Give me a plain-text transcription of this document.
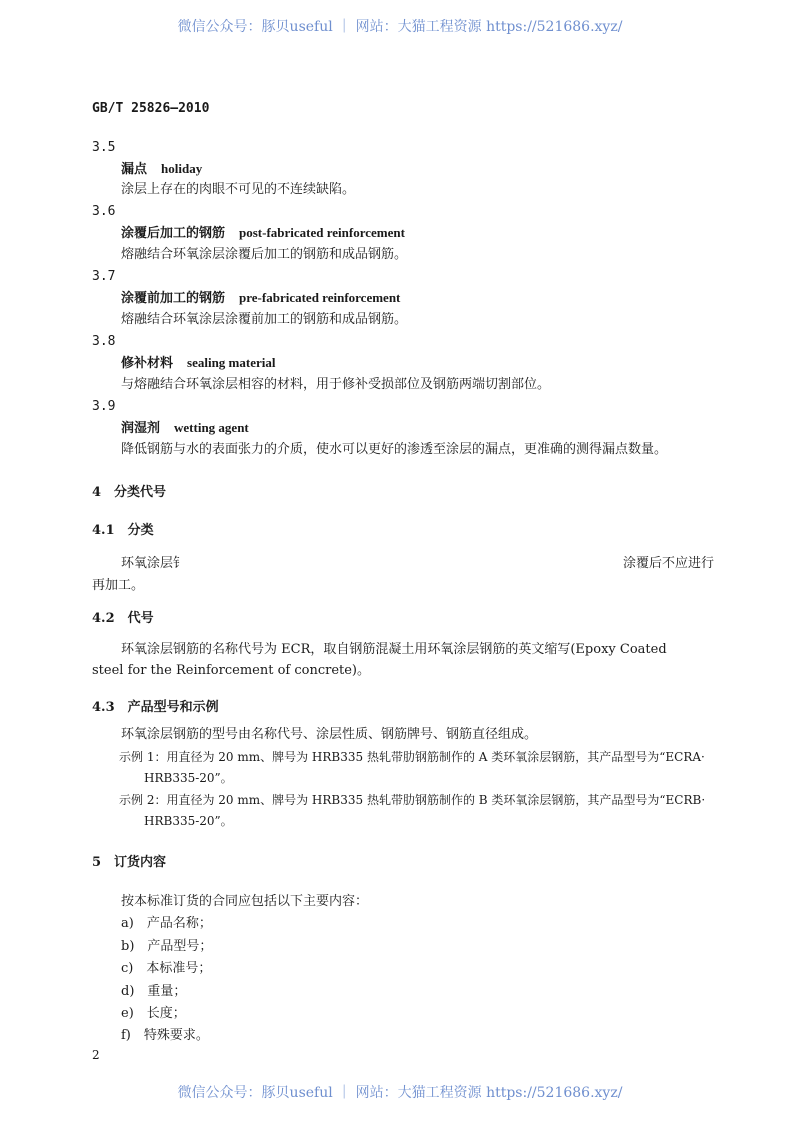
微信公众号：豚贝useful ｜ 网站：大猫工程资源 https://521686.xyz/
GB/T 25826—2010
3.5
漏点 holiday
涂层上存在的肉眼不可见的不连续缺陷。
3.6
涂覆后加工的钢筋 post-fabricated reinforcement
熔融结合环氧涂层涂覆后加工的钢筋和成品钢筋。
3.7
涂覆前加工的钢筋 pre-fabricated reinforcement
熔融结合环氧涂层涂覆前加工的钢筋和成品钢筋。
3.8
修补材料 sealing material
与熔融结合环氧涂层相容的材料，用于修补受损部位及钢筋两端切割部位。
3.9
润湿剂 wetting agent
降低钢筋与水的表面张力的介质，使水可以更好的渗透至涂层的漏点，更准确的测得漏点数量。
4　分类代号
4.1　分类
环氧涂层钅	涂覆后不应进行
再加工。
4.2　代号
环氧涂层钢筋的名称代号为 ECR，取自钢筋混凝土用环氧涂层钢筋的英文缩写(Epoxy Coated
steel for the Reinforcement of concrete)。
4.3　产品型号和示例
环氧涂层钢筋的型号由名称代号、涂层性质、钢筋牌号、钢筋直径组成。
示例 1：用直径为 20 mm、牌号为 HRB335 热轧带肋钢筋制作的 A 类环氧涂层钢筋，其产品型号为“ECRA·
HRB335-20”。
示例 2：用直径为 20 mm、牌号为 HRB335 热轧带肋钢筋制作的 B 类环氧涂层钢筋，其产品型号为“ECRB·
HRB335-20”。
5　订货内容
按本标准订货的合同应包括以下主要内容：
a)　产品名称；
b)　产品型号；
c)　本标准号；
d)　重量；
e)　长度；
f)　特殊要求。
2
微信公众号：豚贝useful ｜ 网站：大猫工程资源 https://521686.xyz/
